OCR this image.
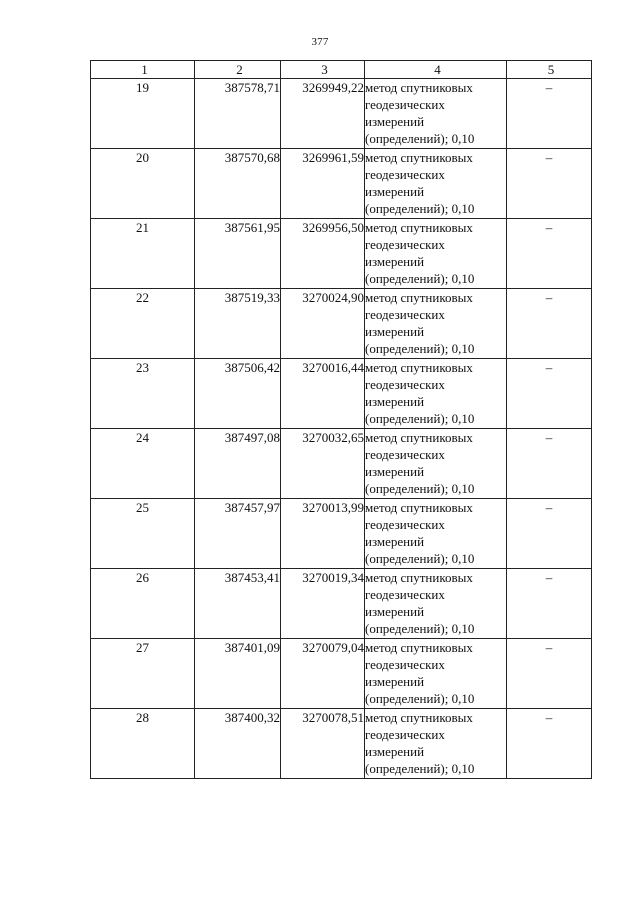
377
1	2	3	4	5
19	387578,71	3269949,22	метод спутниковых
геодезических
измерений
(определений); 0,10	–
20	387570,68	3269961,59	метод спутниковых
геодезических
измерений
(определений); 0,10	–
21	387561,95	3269956,50	метод спутниковых
геодезических
измерений
(определений); 0,10	–
22	387519,33	3270024,90	метод спутниковых
геодезических
измерений
(определений); 0,10	–
23	387506,42	3270016,44	метод спутниковых
геодезических
измерений
(определений); 0,10	–
24	387497,08	3270032,65	метод спутниковых
геодезических
измерений
(определений); 0,10	–
25	387457,97	3270013,99	метод спутниковых
геодезических
измерений
(определений); 0,10	–
26	387453,41	3270019,34	метод спутниковых
геодезических
измерений
(определений); 0,10	–
27	387401,09	3270079,04	метод спутниковых
геодезических
измерений
(определений); 0,10	–
28	387400,32	3270078,51	метод спутниковых
геодезических
измерений
(определений); 0,10	–
